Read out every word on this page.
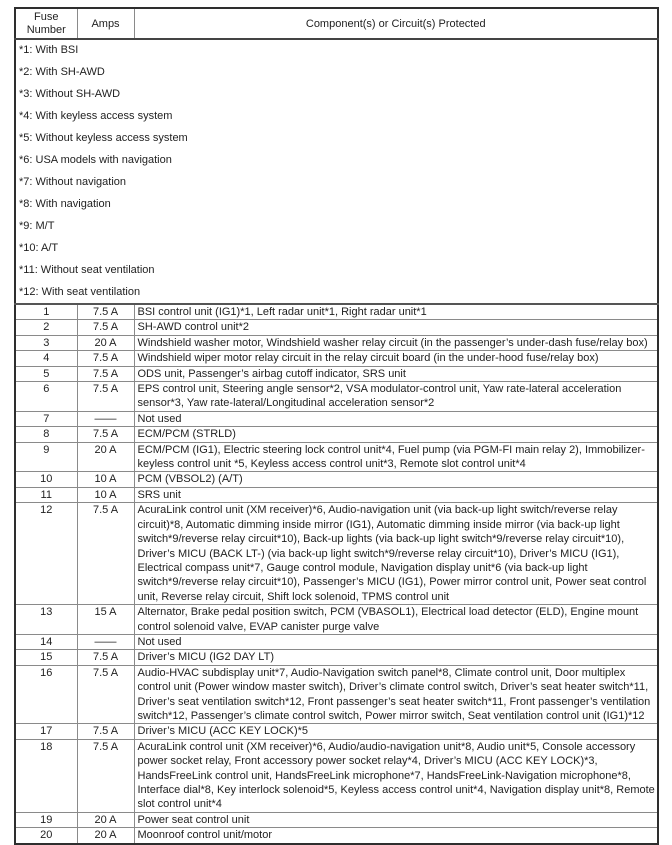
Fuse
Number	Amps	Component(s) or Circuit(s) Protected

*1: With BSI
*2: With SH-AWD
*3: Without SH-AWD
*4: With keyless access system
*5: Without keyless access system
*6: USA models with navigation
*7: Without navigation
*8: With navigation
*9: M/T
*10: A/T
*11: Without seat ventilation
*12: With seat ventilation

1	7.5 A	BSI control unit (IG1)*1, Left radar unit*1, Right radar unit*1
2	7.5 A	SH-AWD control unit*2
3	20 A	Windshield washer motor, Windshield washer relay circuit (in the passenger’s under-dash fuse/relay box)
4	7.5 A	Windshield wiper motor relay circuit in the relay circuit board (in the under-hood fuse/relay box)
5	7.5 A	ODS unit, Passenger’s airbag cutoff indicator, SRS unit
6	7.5 A	EPS control unit, Steering angle sensor*2, VSA modulator-control unit, Yaw rate-lateral acceleration sensor*3, Yaw rate-lateral/Longitudinal acceleration sensor*2
7	——	Not used
8	7.5 A	ECM/PCM (STRLD)
9	20 A	ECM/PCM (IG1), Electric steering lock control unit*4, Fuel pump (via PGM-FI main relay 2), Immobilizer-keyless control unit *5, Keyless access control unit*3, Remote slot control unit*4
10	10 A	PCM (VBSOL2) (A/T)
11	10 A	SRS unit
12	7.5 A	AcuraLink control unit (XM receiver)*6, Audio-navigation unit (via back-up light switch/reverse relay circuit)*8, Automatic dimming inside mirror (IG1), Automatic dimming inside mirror (via back-up light switch*9/reverse relay circuit*10), Back-up lights (via back-up light switch*9/reverse relay circuit*10), Driver’s MICU (BACK LT-) (via back-up light switch*9/reverse relay circuit*10), Driver’s MICU (IG1), Electrical compass unit*7, Gauge control module, Navigation display unit*6 (via back-up light switch*9/reverse relay circuit*10), Passenger’s MICU (IG1), Power mirror control unit, Power seat control unit, Reverse relay circuit, Shift lock solenoid, TPMS control unit
13	15 A	Alternator, Brake pedal position switch, PCM (VBASOL1), Electrical load detector (ELD), Engine mount control solenoid valve, EVAP canister purge valve
14	——	Not used
15	7.5 A	Driver’s MICU (IG2 DAY LT)
16	7.5 A	Audio-HVAC subdisplay unit*7, Audio-Navigation switch panel*8, Climate control unit, Door multiplex control unit (Power window master switch), Driver’s climate control switch, Driver’s seat heater switch*11, Driver’s seat ventilation switch*12, Front passenger’s seat heater switch*11, Front passenger’s ventilation switch*12, Passenger’s climate control switch, Power mirror switch, Seat ventilation control unit (IG1)*12
17	7.5 A	Driver’s MICU (ACC KEY LOCK)*5
18	7.5 A	AcuraLink control unit (XM receiver)*6, Audio/audio-navigation unit*8, Audio unit*5, Console accessory power socket relay, Front accessory power socket relay*4, Driver’s MICU (ACC KEY LOCK)*3, HandsFreeLink control unit, HandsFreeLink microphone*7, HandsFreeLink-Navigation microphone*8, Interface dial*8, Key interlock solenoid*5, Keyless access control unit*4, Navigation display unit*8, Remote slot control unit*4
19	20 A	Power seat control unit
20	20 A	Moonroof control unit/motor
